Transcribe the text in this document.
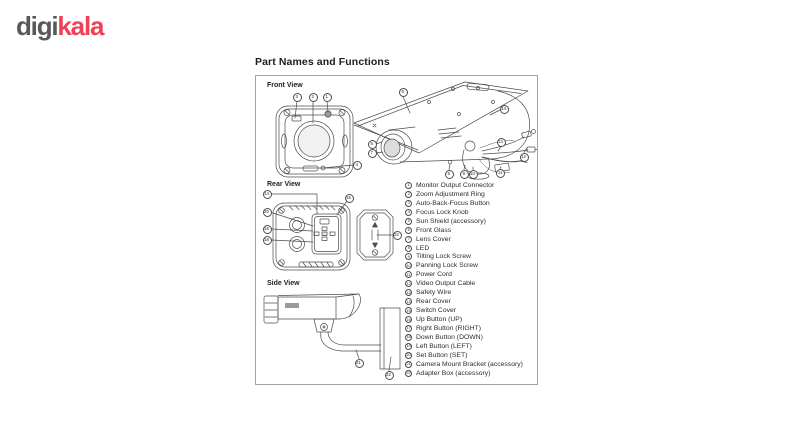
digikala
Part Names and Functions
Front View
Rear View
Side View
3 2 1
4
5
14
6
7
8 9 10
13
12
11
14
15
20
16
18
22
21
22
1 Monitor Output Connector
2 Zoom Adjustment Ring
3 Auto-Back-Focus Button
4 Focus Lock Knob
5 Sun Shield (accessory)
6 Front Glass
7 Lens Cover
8 LED
9 Tilting Lock Screw
10 Panning Lock Screw
11 Power Cord
12 Video Output Cable
13 Safety Wire
14 Rear Cover
15 Switch Cover
16 Up Button (UP)
17 Right Button (RIGHT)
18 Down Button (DOWN)
19 Left Button (LEFT)
20 Set Button (SET)
21 Camera Mount Bracket (accessory)
22 Adapter Box (accessory)
